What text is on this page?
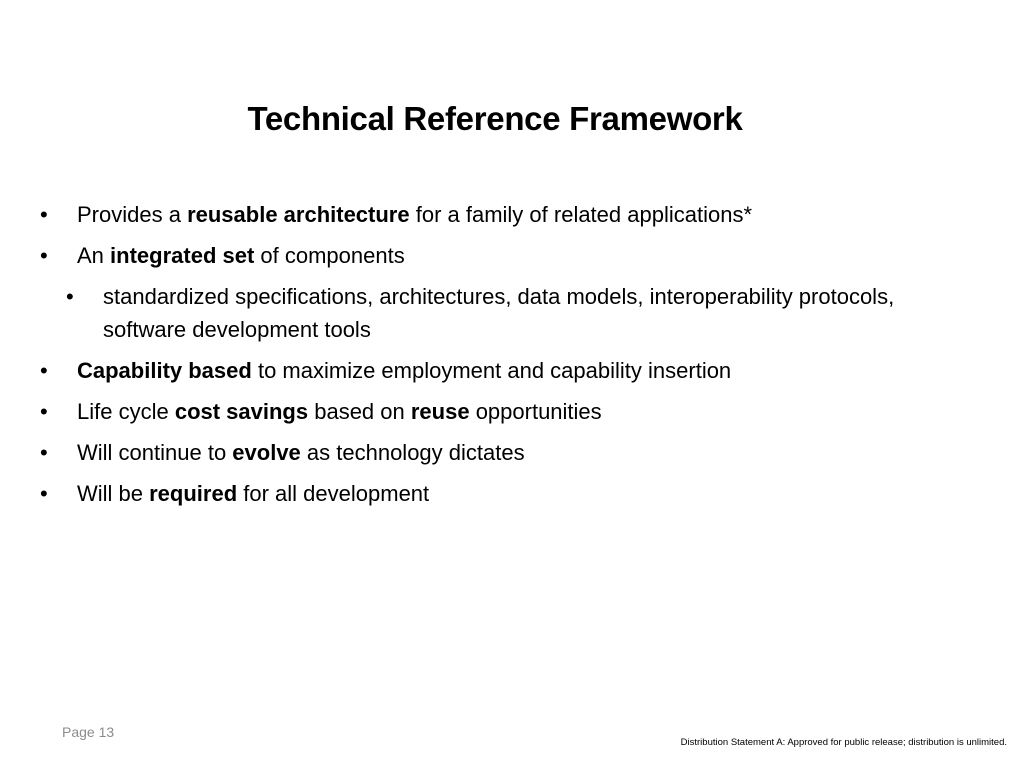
Technical Reference Framework
• Provides a reusable architecture for a family of related applications*
• An integrated set of components
• standardized specifications, architectures, data models, interoperability protocols, software development tools
• Capability based to maximize employment and capability insertion
• Life cycle cost savings based on reuse opportunities
• Will continue to evolve as technology dictates
• Will be required for all development
Page 13
Distribution Statement A: Approved for public release; distribution is unlimited.
